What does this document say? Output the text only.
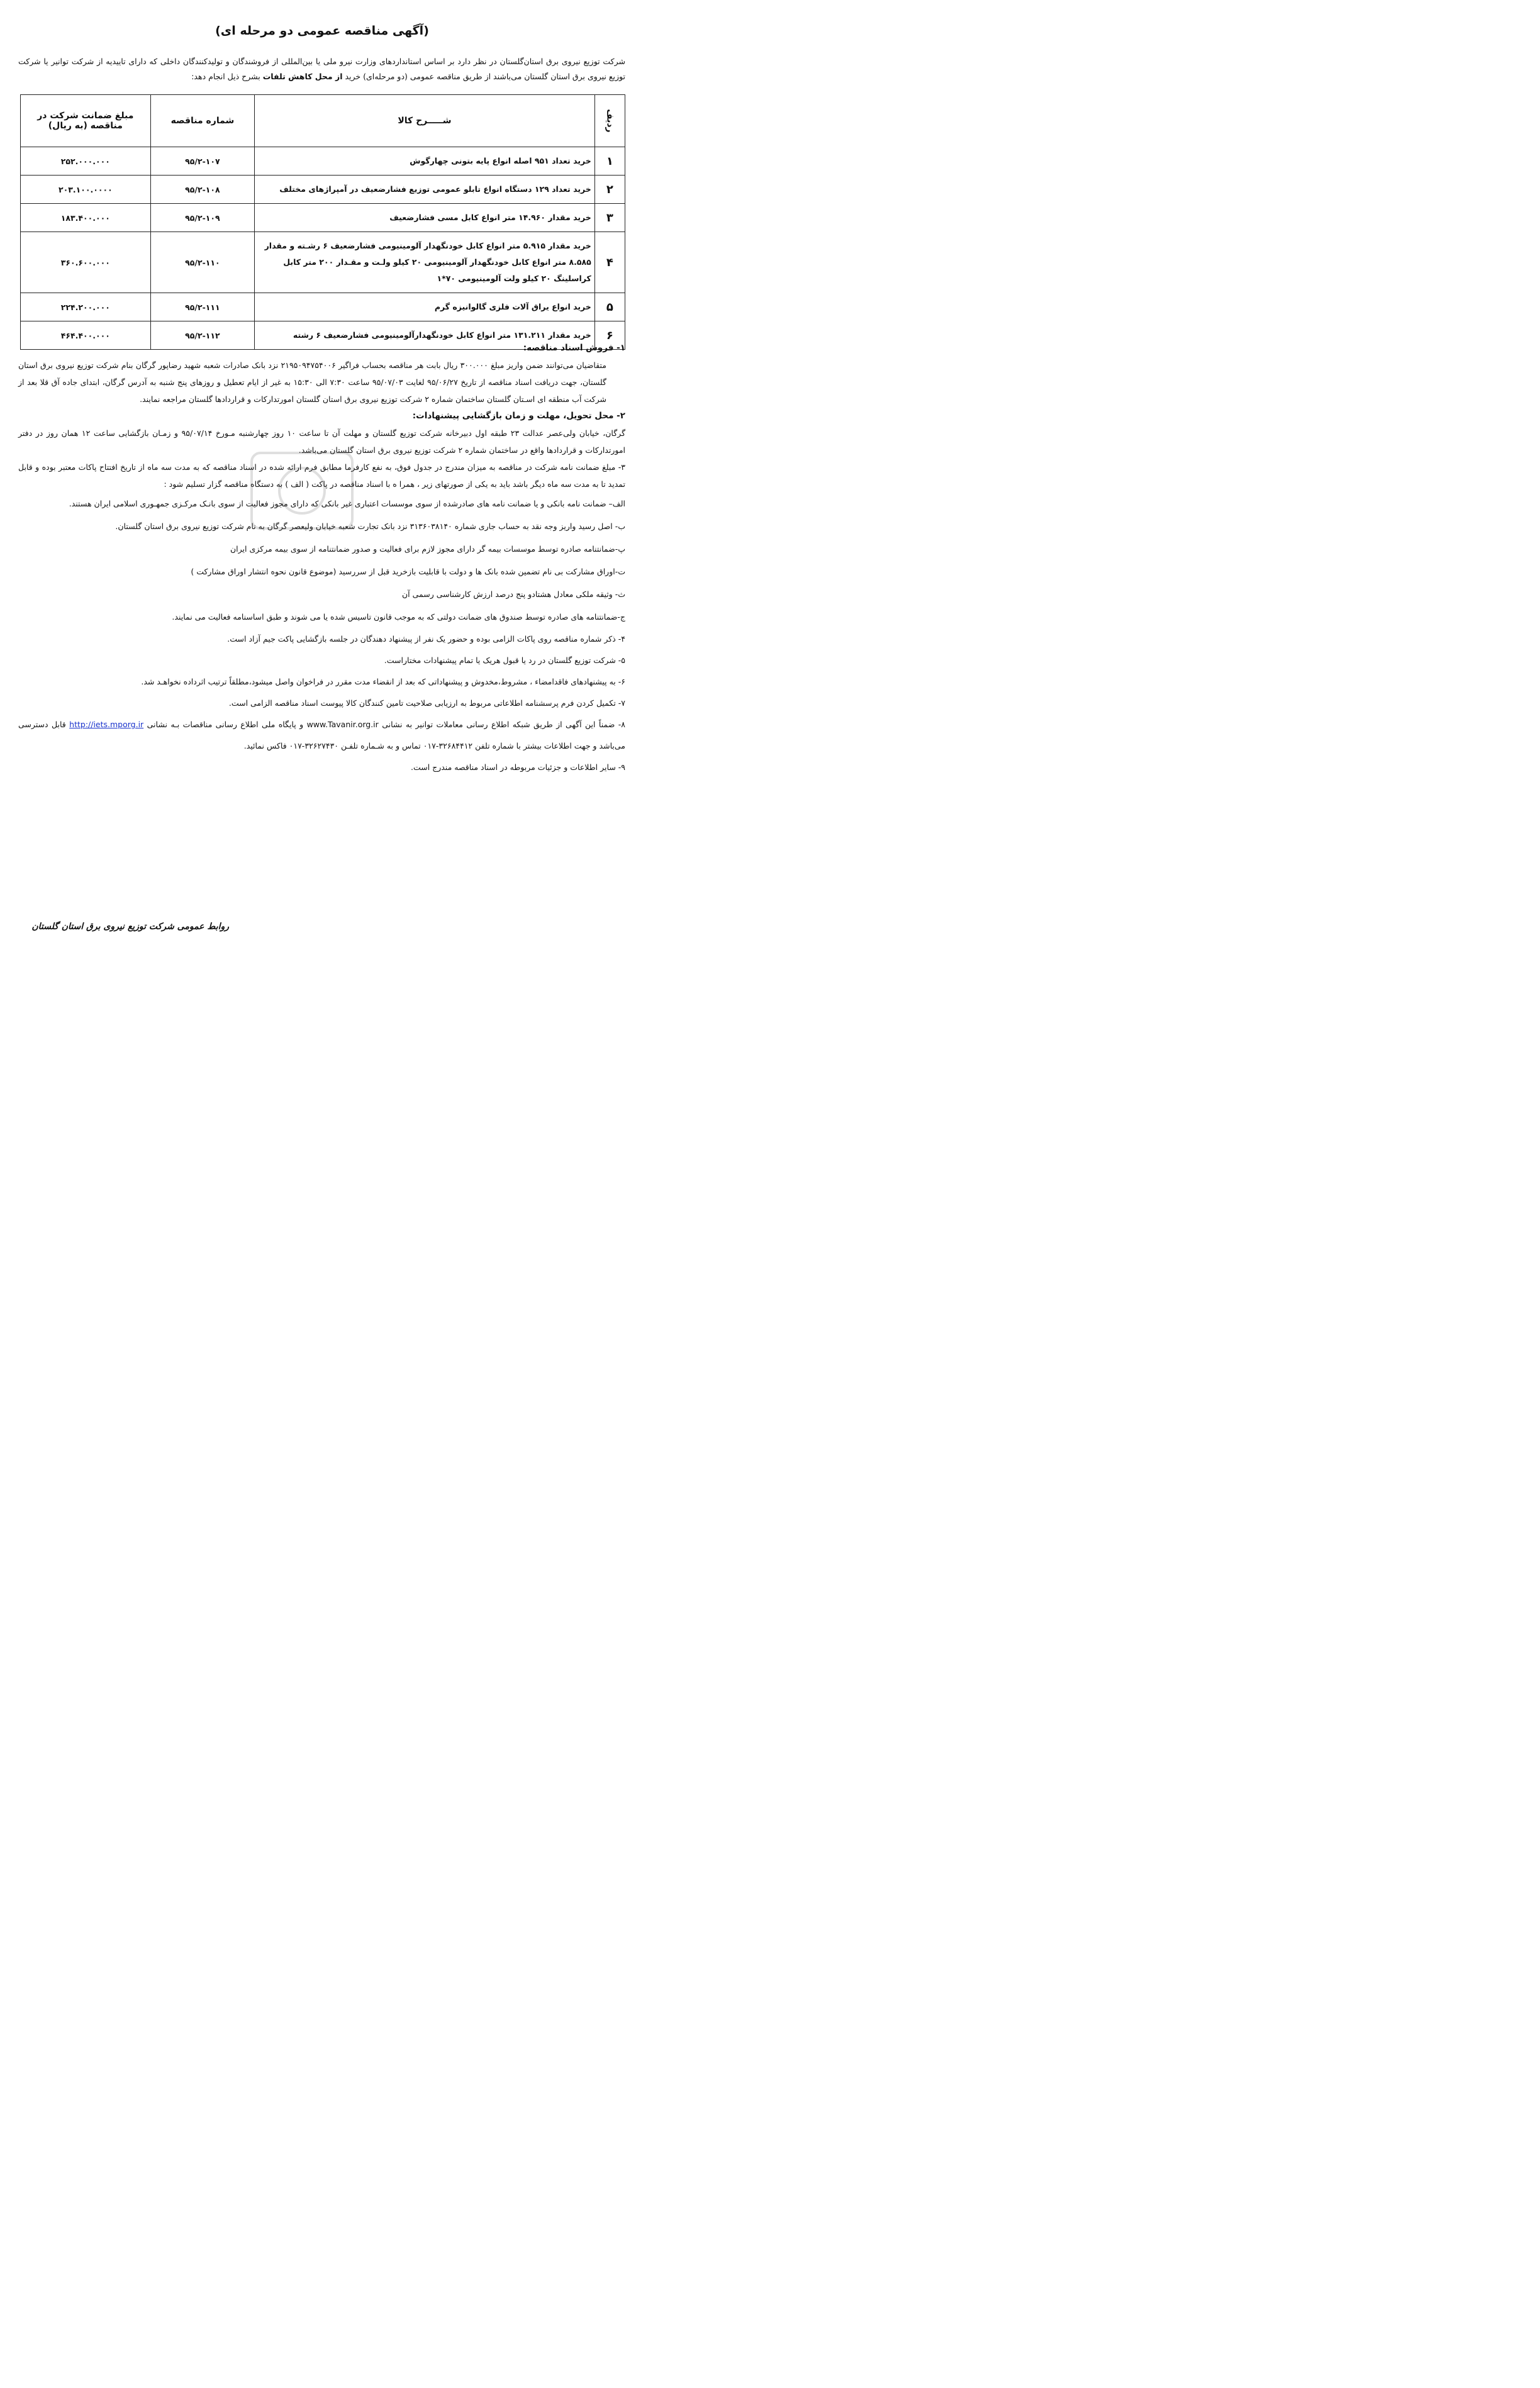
(آگهی مناقصه عمومی دو مرحله ای)

شرکت توزیع نیروی برق استان‌گلستان در نظر دارد بر اساس استانداردهای وزارت نیرو ملی یا بین‌المللی از فروشندگان و تولیدکنندگان داخلی که دارای تاییدیه از شرکت توانیر یا شرکت توزیع نیروی برق استان گلستان می‌باشند از طریق مناقصه عمومی (دو مرحله‌ای) خرید از محل کاهش تلفات بشرح ذیل انجام دهد:

ردیف	شـــــرح کالا	شماره مناقصه	مبلغ ضمانت شرکت در مناقصه (به ریال)
۱	خرید تعداد ۹۵۱ اصله انواع پایه بتونی چهارگوش	۹۵/۲-۱۰۷	۲۵۲.۰۰۰.۰۰۰
۲	خرید تعداد ۱۲۹ دستگاه انواع تابلو عمومی توزیع فشارضعیف در آمپراژهای مختلف	۹۵/۲-۱۰۸	۲۰۳.۱۰۰.۰۰۰۰
۳	خرید مقدار ۱۴.۹۶۰ متر انواع کابل مسی فشارضعیف	۹۵/۲-۱۰۹	۱۸۳.۴۰۰.۰۰۰
۴	خرید مقدار ۵.۹۱۵ متر انواع کابل خودنگهدار آلومینیومی فشارضعیف ۶ رشـته و مقدار ۸.۵۸۵ متر انواع کابل خودنگهدار آلومینیومی ۲۰ کیلو ولـت و مقـدار ۲۰۰ متر کابل کراسلینگ ۲۰ کیلو ولت آلومینیومی ۷۰*۱	۹۵/۲-۱۱۰	۳۶۰.۶۰۰.۰۰۰
۵	خرید انواع یراق آلات فلزی گالوانیزه گرم	۹۵/۲-۱۱۱	۲۲۴.۲۰۰.۰۰۰
۶	خرید مقدار ۱۳۱.۲۱۱ متر انواع کابل خودنگهدارآلومینیومی فشارضعیف ۶ رشته	۹۵/۲-۱۱۲	۴۶۴.۴۰۰.۰۰۰

۱- فروش اسناد مناقصه:

متقاضیان می‌توانند ضمن واریز مبلغ ۳۰۰.۰۰۰ ریال بابت هر مناقصه بحساب فراگیر ۲۱۹۵۰۹۴۷۵۴۰۰۶ نزد بانک صادرات شعبه شهید رضاپور گرگان بنام شرکت توزیع نیروی برق استان گلستان، جهت دریافت اسناد مناقصه از تاریخ ۹۵/۰۶/۲۷ لغایت ۹۵/۰۷/۰۳ ساعت ۷:۳۰ الی ۱۵:۳۰ به غیر از ایام تعطیل و روزهای پنج شنبه به آدرس گرگان، ابتدای جاده آق قلا بعد از شرکت آب منطقه ای اسـتان گلستان ساختمان شماره ۲ شرکت توزیع نیروی برق استان گلستان امورتدارکات و قراردادها گلستان مراجعه نمایند.

۲- محل تحویل، مهلت و زمان بازگشایی پیشنهادات:

گرگان، خیابان ولی‌عصر عدالت ۲۳ طبقه اول دبیرخانه شرکت توزیع گلستان و مهلت آن تا ساعت ۱۰ روز چهارشنبه مـورخ ۹۵/۰۷/۱۴ و زمـان بازگشایی ساعت ۱۲ همان روز در دفتر امورتدارکات و قراردادها واقع در ساختمان شماره ۲ شرکت توزیع نیروی برق استان گلستان می‌باشد.

۳- مبلغ ضمانت نامه شرکت در مناقصه به میزان مندرج در جدول فوق، به نفع کارفرما مطابق فرم ارائه شده در اسناد مناقصه که به مدت سه ماه از تاریخ افتتاح پاکات معتبر بوده و قابل تمدید تا به مدت سه ماه دیگر باشد باید به یکی از صورتهای زیر ، همرا ه با اسناد مناقصه در پاکت ( الف ) به دستگاه مناقصه گزار تسلیم شود :

الف– ضمانت نامه بانکی و یا ضمانت نامه های صادرشده از سوی موسسات اعتباری غیر بانکی که دارای مجوز فعالیت از سوی بانـک مرکـزی جمهـوری اسلامی ایران هستند.

ب- اصل رسید واریز وجه نقد به حساب جاری شماره ۳۱۳۶۰۳۸۱۴۰ نزد بانک تجارت شعبه خیابان ولیعصر گرگان به نام شرکت توزیع نیروی برق استان گلستان.

پ-ضمانتنامه صادره توسط موسسات بیمه گر دارای مجوز لازم برای فعالیت و صدور ضمانتنامه از سوی بیمه مرکزی ایران

ت-اوراق مشارکت بی نام تضمین شده بانک ها و دولت با قابلیت بازخرید قبل از سررسید (موضوع قانون نحوه انتشار اوراق مشارکت )

ث- وثیقه ملکی معادل هشتادو پنج درصد ارزش کارشناسی رسمی آن

ج-ضمانتنامه های صادره توسط صندوق های ضمانت دولتی که به موجب قانون تاسیس شده یا می شوند و طبق اساسنامه فعالیت می نمایند.

۴- ذکر شماره مناقصه روی پاکات الزامی بوده و حضور یک نفر از پیشنهاد دهندگان در جلسه بازگشایی پاکت جیم آزاد است.

۵- شرکت توزیع گلستان در رد یا قبول هریک یا تمام پیشنهادات مختاراست.

۶- به پیشنهادهای فاقدامضاء ، مشروط،مخدوش و پیشنهاداتی که بعد از انقضاء مدت مقرر در فراخوان واصل میشود،مطلقاً ترتیب اثرداده نخواهـد شد.

۷- تکمیل کردن فرم پرسشنامه اطلاعاتی مربوط به ارزیابی صلاحیت تامین کنندگان کالا پیوست اسناد مناقصه الزامی است.

۸- ضمناً این آگهی از طریق شبکه اطلاع رسانی معاملات توانیر به نشانی www.Tavanir.org.ir و پایگاه ملی اطلاع رسانی مناقصات بـه نشانی http://iets.mporg.ir قابل دسترسی می‌باشد و جهت اطلاعات بیشتر با شماره تلفن ۳۲۶۸۴۴۱۲-۰۱۷ تماس و به شـماره تلفـن ۳۲۶۲۷۴۳۰-۰۱۷ فاکس نمائید.

۹- سایر اطلاعات و جزئیات مربوطه در اسناد مناقصه مندرج است.

روابط عمومی شرکت توزیع نیروی برق استان گلستان
